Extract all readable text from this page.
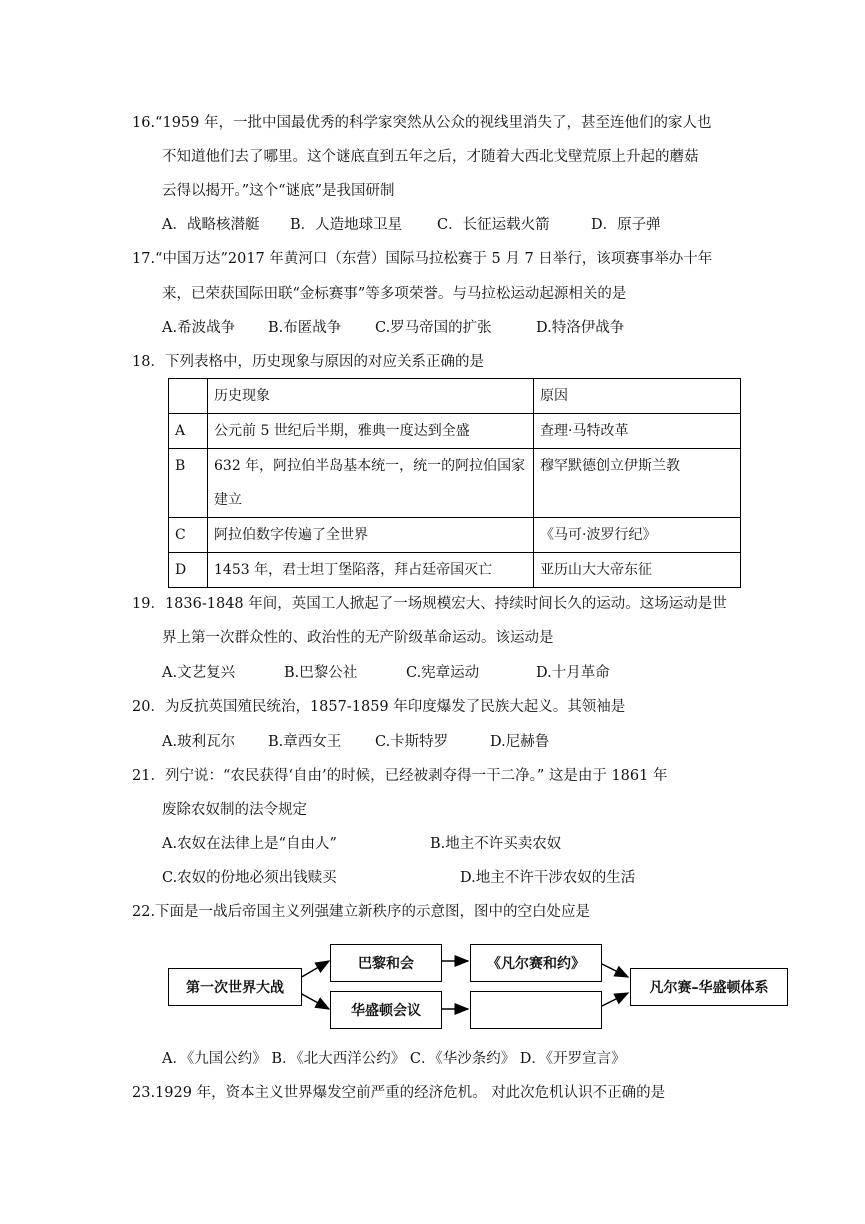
16.“1959 年，一批中国最优秀的科学家突然从公众的视线里消失了，甚至连他们的家人也
不知道他们去了哪里。这个谜底直到五年之后，才随着大西北戈壁荒原上升起的蘑菇
云得以揭开。”这个“谜底”是我国研制
A．战略核潜艇 B．人造地球卫星 C．长征运载火箭	D．原子弹
17.“中国万达”2017 年黄河口（东营）国际马拉松赛于 5 月 7 日举行，该项赛事举办十年
来，已荣获国际田联“金标赛事”等多项荣誉。与马拉松运动起源相关的是
A.希波战争 B.布匿战争 C.罗马帝国的扩张	D.特洛伊战争
18．下列表格中，历史现象与原因的对应关系正确的是
	历史现象	原因
A	公元前 5 世纪后半期，雅典一度达到全盛	查理·马特改革
B	632 年，阿拉伯半岛基本统一，统一的阿拉伯国家建立	穆罕默德创立伊斯兰教
C	阿拉伯数字传遍了全世界	《马可·波罗行纪》
D	1453 年，君士坦丁堡陷落，拜占廷帝国灭亡	亚历山大大帝东征
19．1836-1848 年间，英国工人掀起了一场规模宏大、持续时间长久的运动。这场运动是世
界上第一次群众性的、政治性的无产阶级革命运动。该运动是
A.文艺复兴	B.巴黎公社	C.宪章运动	D.十月革命
20．为反抗英国殖民统治，1857-1859 年印度爆发了民族大起义。其领袖是
A.玻利瓦尔 B.章西女王 C.卡斯特罗	D.尼赫鲁
21．列宁说：“农民获得‘自由’的时候，已经被剥夺得一干二净。” 这是由于 1861 年
废除农奴制的法令规定
A.农奴在法律上是“自由人”	B.地主不许买卖农奴
C.农奴的份地必须出钱赎买	D.地主不许干涉农奴的生活
22.下面是一战后帝国主义列强建立新秩序的示意图，图中的空白处应是
第一次世界大战
巴黎和会	《凡尔赛和约》
华盛顿会议
凡尔赛–华盛顿体系
A．《九国公约》 B．《北大西洋公约》 C．《华沙条约》 D．《开罗宣言》
23.1929 年，资本主义世界爆发空前严重的经济危机。 对此次危机认识不正确的是
